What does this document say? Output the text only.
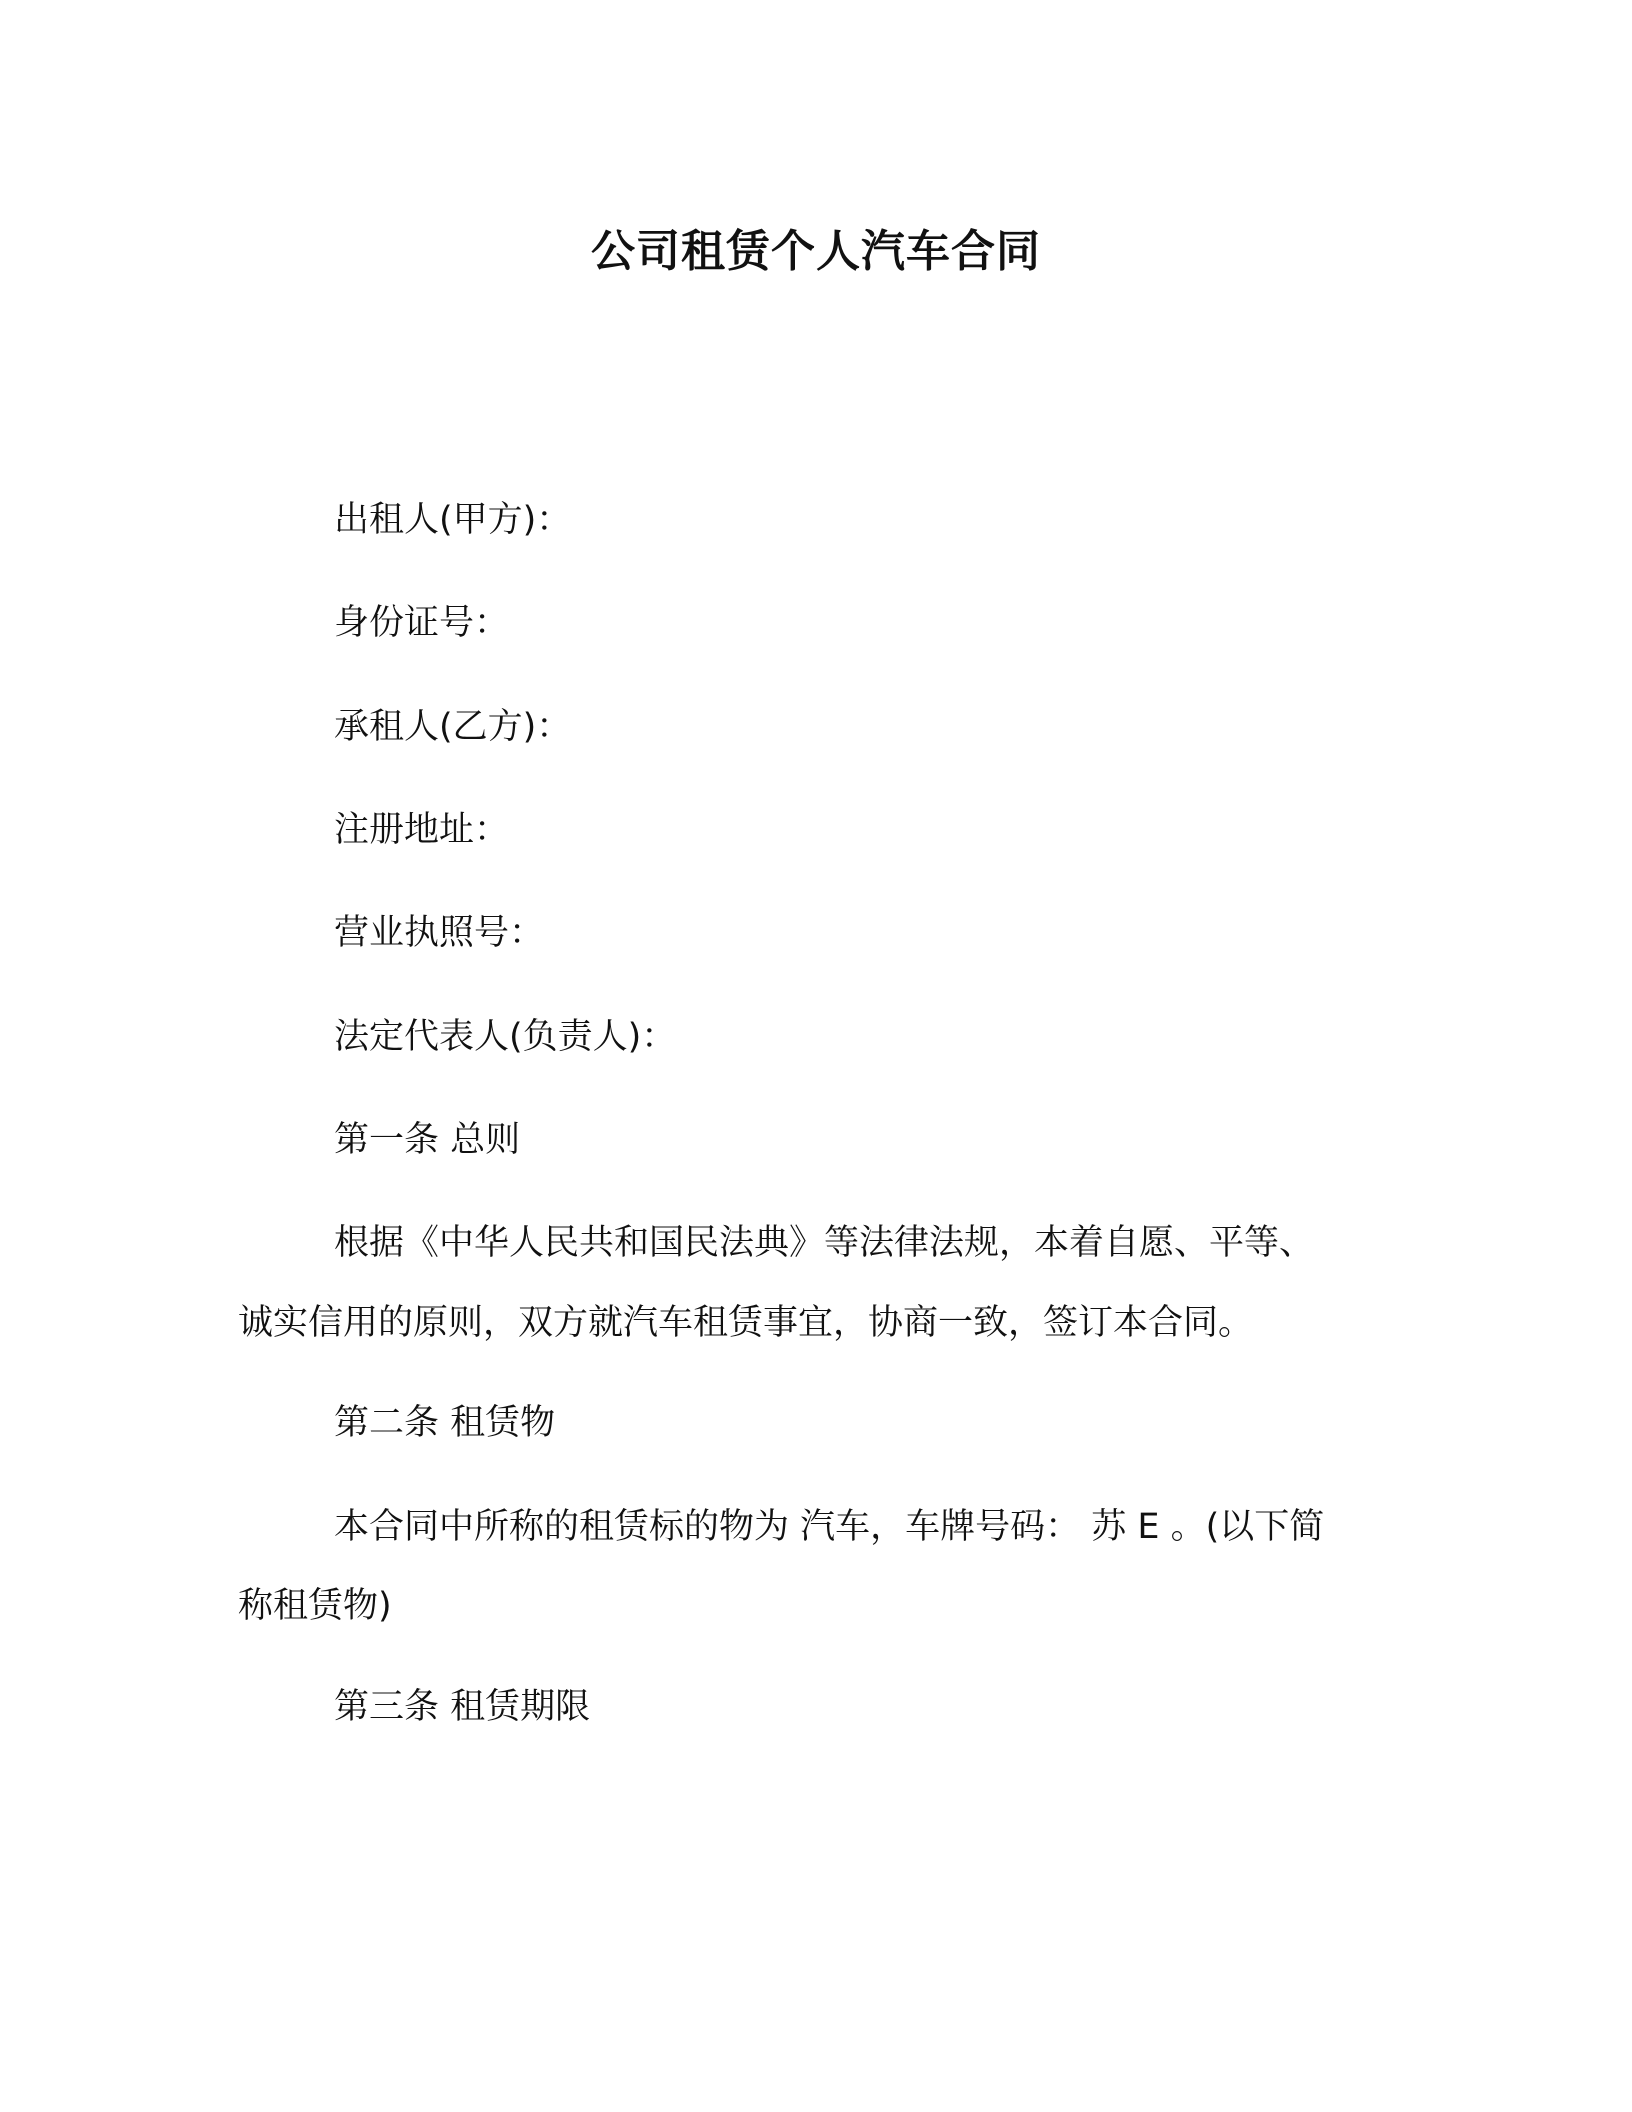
公司租赁个人汽车合同
出租人(甲方)：
身份证号：
承租人(乙方)：
注册地址：
营业执照号：
法定代表人(负责人)：
第一条 总则
根据《中华人民共和国民法典》等法律法规，本着自愿、平等、
诚实信用的原则，双方就汽车租赁事宜，协商一致，签订本合同。
第二条 租赁物
本合同中所称的租赁标的物为 汽车，车牌号码： 苏 E 。(以下简
称租赁物)
第三条 租赁期限
